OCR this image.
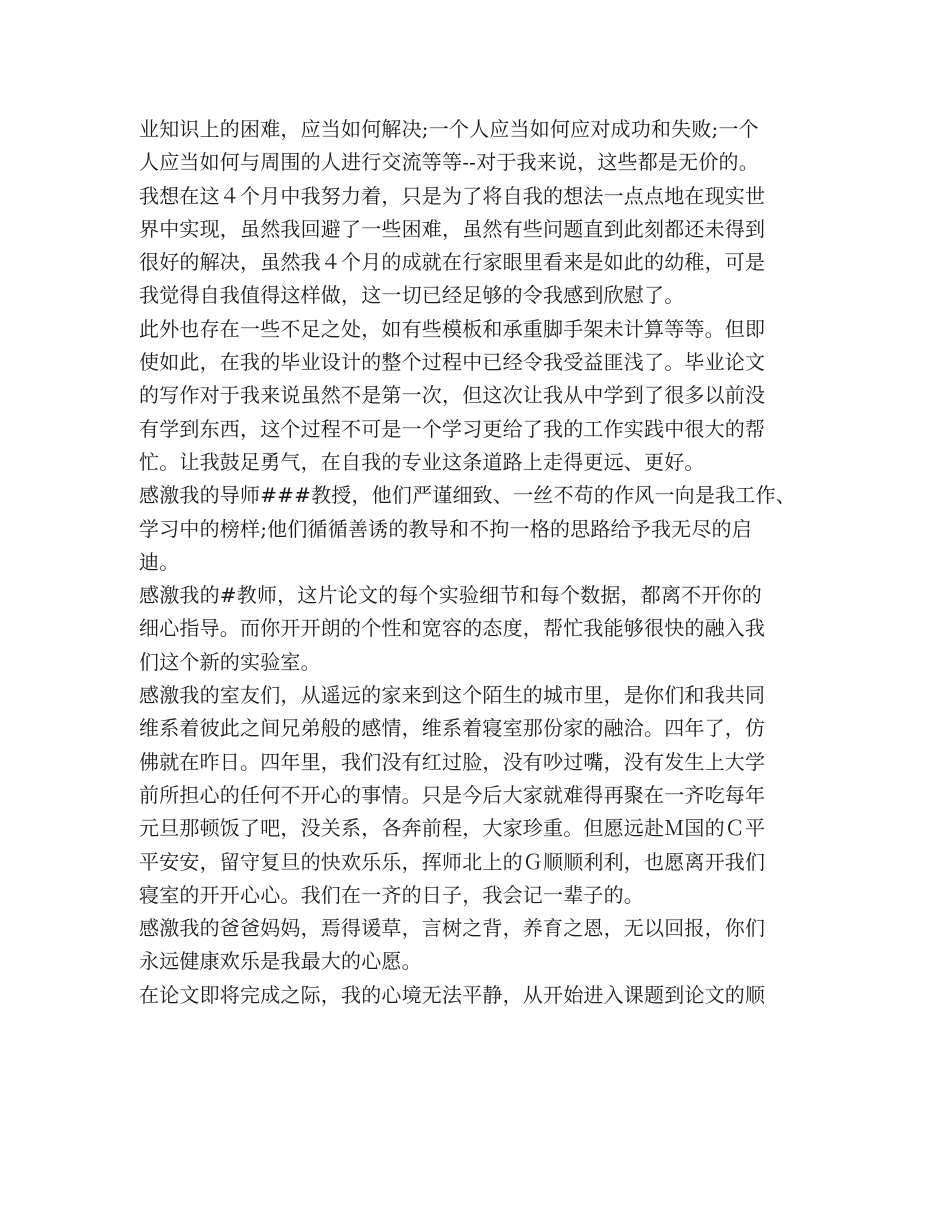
业知识上的困难，应当如何解决;一个人应当如何应对成功和失败;一个
人应当如何与周围的人进行交流等等--对于我来说，这些都是无价的。
我想在这４个月中我努力着，只是为了将自我的想法一点点地在现实世
界中实现，虽然我回避了一些困难，虽然有些问题直到此刻都还未得到
很好的解决，虽然我４个月的成就在行家眼里看来是如此的幼稚，可是
我觉得自我值得这样做，这一切已经足够的令我感到欣慰了。
此外也存在一些不足之处，如有些模板和承重脚手架未计算等等。但即
使如此，在我的毕业设计的整个过程中已经令我受益匪浅了。毕业论文
的写作对于我来说虽然不是第一次，但这次让我从中学到了很多以前没
有学到东西，这个过程不可是一个学习更给了我的工作实践中很大的帮
忙。让我鼓足勇气，在自我的专业这条道路上走得更远、更好。
感激我的导师###教授，他们严谨细致、一丝不苟的作风一向是我工作、
学习中的榜样;他们循循善诱的教导和不拘一格的思路给予我无尽的启
迪。
感激我的#教师，这片论文的每个实验细节和每个数据，都离不开你的
细心指导。而你开开朗的个性和宽容的态度，帮忙我能够很快的融入我
们这个新的实验室。
感激我的室友们，从遥远的家来到这个陌生的城市里，是你们和我共同
维系着彼此之间兄弟般的感情，维系着寝室那份家的融洽。四年了，仿
佛就在昨日。四年里，我们没有红过脸，没有吵过嘴，没有发生上大学
前所担心的任何不开心的事情。只是今后大家就难得再聚在一齐吃每年
元旦那顿饭了吧，没关系，各奔前程，大家珍重。但愿远赴Ｍ国的Ｃ平
平安安，留守复旦的快欢乐乐，挥师北上的Ｇ顺顺利利，也愿离开我们
寝室的开开心心。我们在一齐的日子，我会记一辈子的。
感激我的爸爸妈妈，焉得谖草，言树之背，养育之恩，无以回报，你们
永远健康欢乐是我最大的心愿。
在论文即将完成之际，我的心境无法平静，从开始进入课题到论文的顺
